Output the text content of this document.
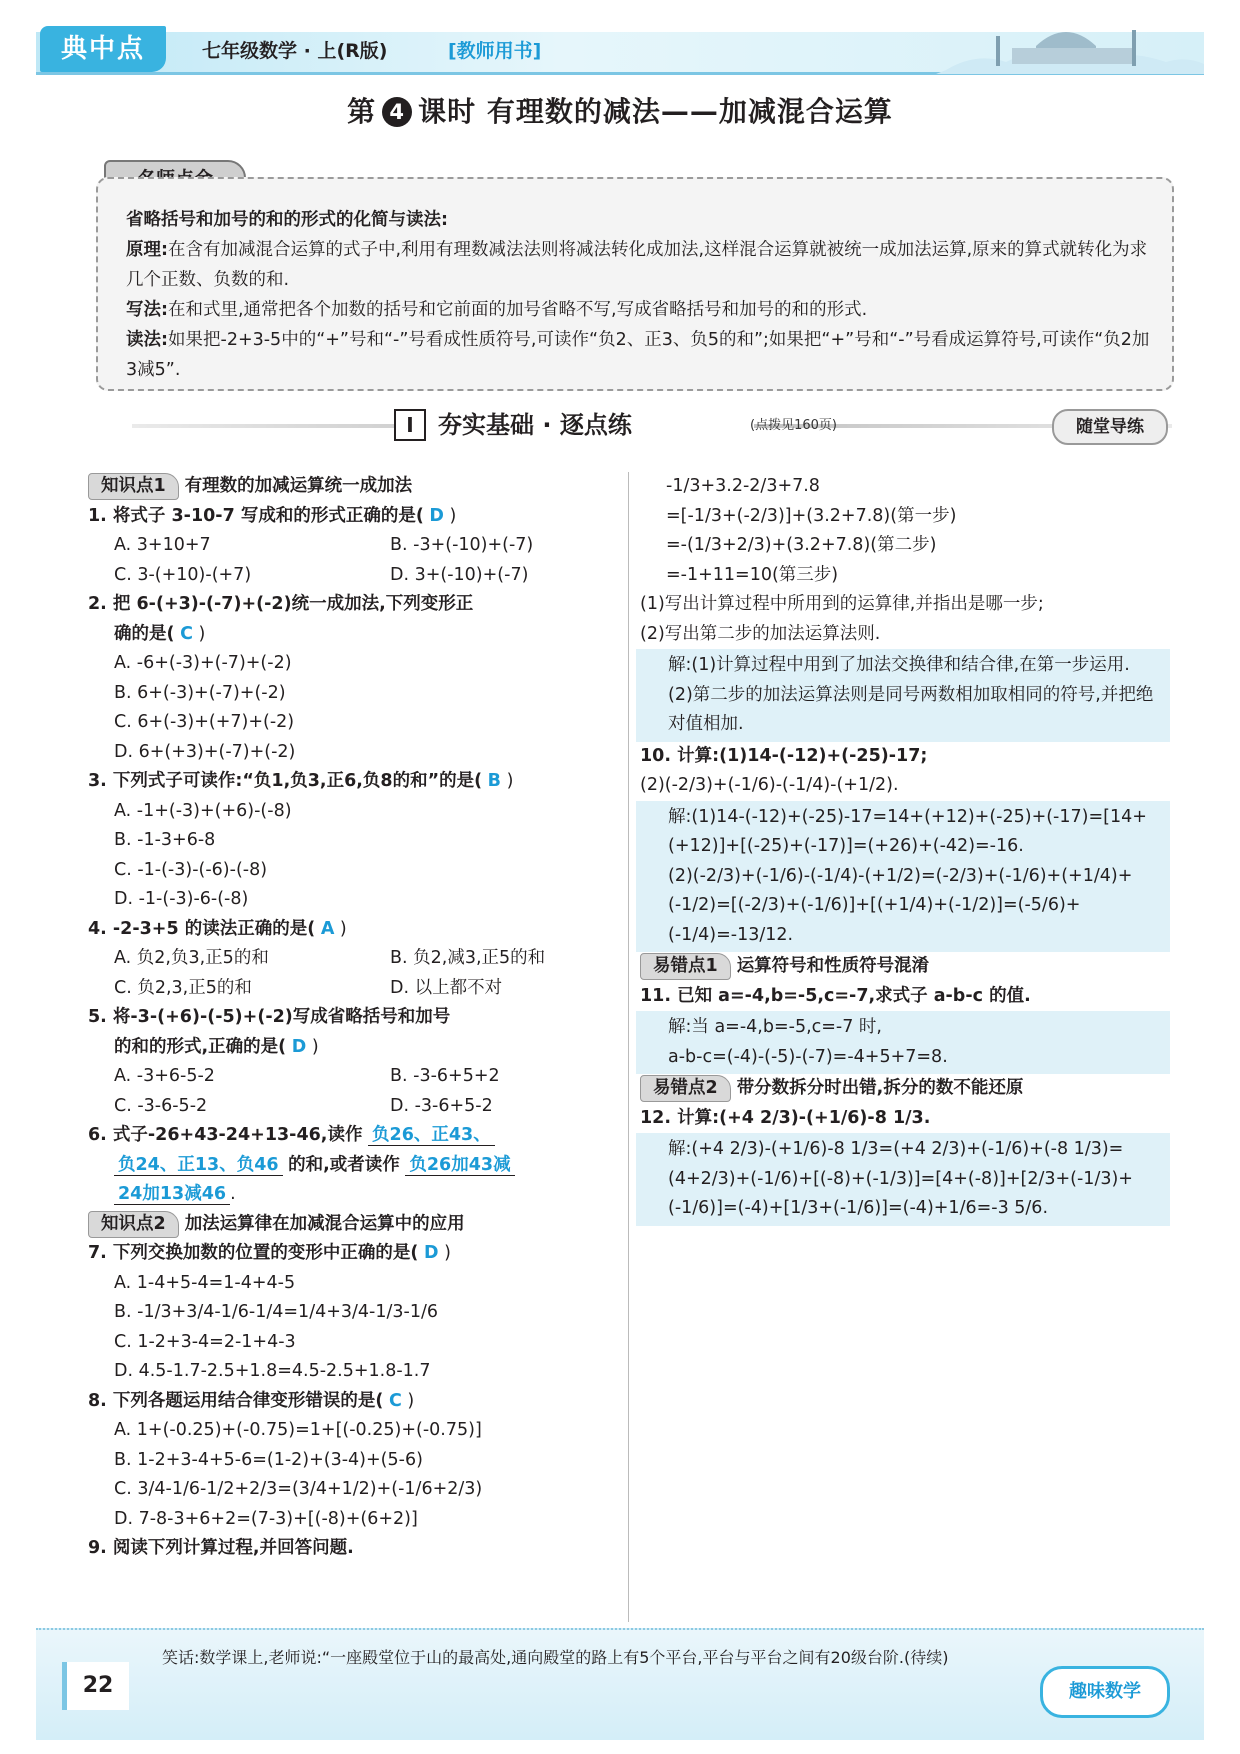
典中点	七年级数学 · 上(R版)	[教师用书]
第 4 课时 有理数的减法——加减混合运算

省略括号和加号的和的形式的化简与读法:

原理:在含有加减混合运算的式子中,利用有理数减法法则将减法转化成加法,这样混合运算就被统一成加法运算,原来的算式就转化为求几个正数、负数的和.

写法:在和式里,通常把各个加数的括号和它前面的加号省略不写,写成省略括号和加号的和的形式.

读法:如果把-2+3-5中的“+”号和“-”号看成性质符号,可读作“负2、正3、负5的和”;如果把“+”号和“-”号看成运算符号,可读作“负2加3减5”.

I 夯实基础 · 逐点练	(点拨见160页)	随堂导练

知识点1 有理数的加减运算统一成加法

1. 将式子 3-10-7 写成和的形式正确的是( D )

A. 3+10+7	B. -3+(-10)+(-7)

C. 3-(+10)-(+7)	D. 3+(-10)+(-7)

2. 把 6-(+3)-(-7)+(-2)统一成加法,下列变形正

确的是( C )

A. -6+(-3)+(-7)+(-2)

B. 6+(-3)+(-7)+(-2)

C. 6+(-3)+(+7)+(-2)

D. 6+(+3)+(-7)+(-2)

3. 下列式子可读作:“负1,负3,正6,负8的和”的是( B )

A. -1+(-3)+(+6)-(-8)

B. -1-3+6-8

C. -1-(-3)-(-6)-(-8)

D. -1-(-3)-6-(-8)

4. -2-3+5 的读法正确的是( A )

A. 负2,负3,正5的和	B. 负2,减3,正5的和

C. 负2,3,正5的和	D. 以上都不对

5. 将-3-(+6)-(-5)+(-2)写成省略括号和加号

的和的形式,正确的是( D )

A. -3+6-5-2	B. -3-6+5+2

C. -3-6-5-2	D. -3-6+5-2

6. 式子-26+43-24+13-46,读作 负26、正43、

负24、正13、负46 的和,或者读作 负26加43减

24加13减46 .

知识点2 加法运算律在加减混合运算中的应用

7. 下列交换加数的位置的变形中正确的是( D )

A. 1-4+5-4=1-4+4-5

B. -1/3+3/4-1/6-1/4=1/4+3/4-1/3-1/6

C. 1-2+3-4=2-1+4-3

D. 4.5-1.7-2.5+1.8=4.5-2.5+1.8-1.7

8. 下列各题运用结合律变形错误的是( C )

A. 1+(-0.25)+(-0.75)=1+[(-0.25)+(-0.75)]

B. 1-2+3-4+5-6=(1-2)+(3-4)+(5-6)

C. 3/4-1/6-1/2+2/3=(3/4+1/2)+(-1/6+2/3)

D. 7-8-3+6+2=(7-3)+[(-8)+(6+2)]

9. 阅读下列计算过程,并回答问题.

-1/3+3.2-2/3+7.8

=[-1/3+(-2/3)]+(3.2+7.8)(第一步)

=-(1/3+2/3)+(3.2+7.8)(第二步)

=-1+11=10(第三步)

(1)写出计算过程中所用到的运算律,并指出是哪一步;

(2)写出第二步的加法运算法则.

解:(1)计算过程中用到了加法交换律和结合律,在第一步运用.

(2)第二步的加法运算法则是同号两数相加取相同的符号,并把绝对值相加.

10. 计算:(1)14-(-12)+(-25)-17;

(2)(-2/3)+(-1/6)-(-1/4)-(+1/2).

解:(1)14-(-12)+(-25)-17=14+(+12)+(-25)+(-17)=[14+(+12)]+[(-25)+(-17)]=(+26)+(-42)=-16.

(2)(-2/3)+(-1/6)-(-1/4)-(+1/2)=(-2/3)+(-1/6)+(+1/4)+(-1/2)=[(-2/3)+(-1/6)]+[(+1/4)+(-1/2)]=(-5/6)+(-1/4)=-13/12.

易错点1 运算符号和性质符号混淆

11. 已知 a=-4,b=-5,c=-7,求式子 a-b-c 的值.

解:当 a=-4,b=-5,c=-7 时,

a-b-c=(-4)-(-5)-(-7)=-4+5+7=8.

易错点2 带分数拆分时出错,拆分的数不能还原

12. 计算:(+4 2/3)-(+1/6)-8 1/3.

解:(+4 2/3)-(+1/6)-8 1/3=(+4 2/3)+(-1/6)+(-8 1/3)=(4+2/3)+(-1/6)+[(-8)+(-1/3)]=[4+(-8)]+[2/3+(-1/3)+(-1/6)]=(-4)+[1/3+(-1/6)]=(-4)+1/6=-3 5/6.

22
笑话:数学课上,老师说:“一座殿堂位于山的最高处,通向殿堂的路上有5个平台,平台与平台之间有20级台阶.(待续)
趣味数学
